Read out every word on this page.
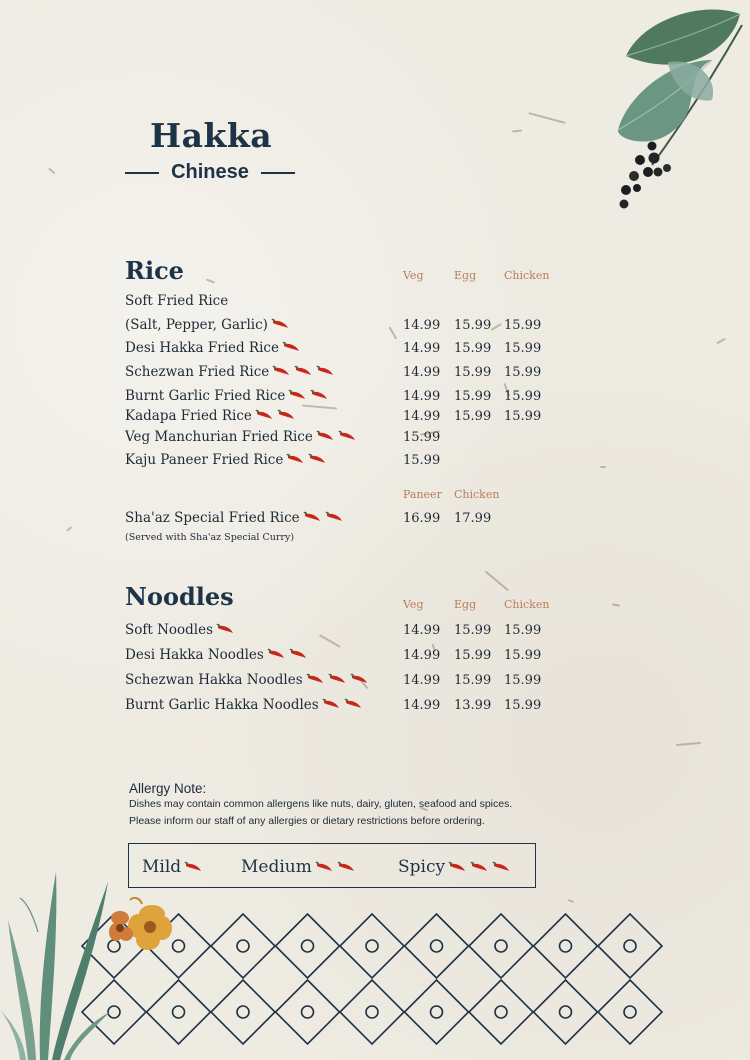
Hakka
Chinese
Rice	Veg	Egg	Chicken
Soft Fried Rice
(Salt, Pepper, Garlic)	14.99 15.99 15.99
Desi Hakka Fried Rice	14.99 15.99 15.99
Schezwan Fried Rice	14.99 15.99 15.99
Burnt Garlic Fried Rice	14.99 15.99 15.99
Kadapa Fried Rice	14.99 15.99 15.99
Veg Manchurian Fried Rice	15.99
Kaju Paneer Fried Rice	15.99
Paneer Chicken
Sha'az Special Fried Rice	16.99 17.99
(Served with Sha'az Special Curry)
Noodles	Veg	Egg	Chicken
Soft Noodles	14.99 15.99 15.99
Desi Hakka Noodles	14.99 15.99 15.99
Schezwan Hakka Noodles	14.99 15.99 15.99
Burnt Garlic Hakka Noodles	14.99 13.99 15.99
Allergy Note:
Dishes may contain common allergens like nuts, dairy, gluten, seafood and spices.
Please inform our staff of any allergies or dietary restrictions before ordering.
Mild	Medium	Spicy
